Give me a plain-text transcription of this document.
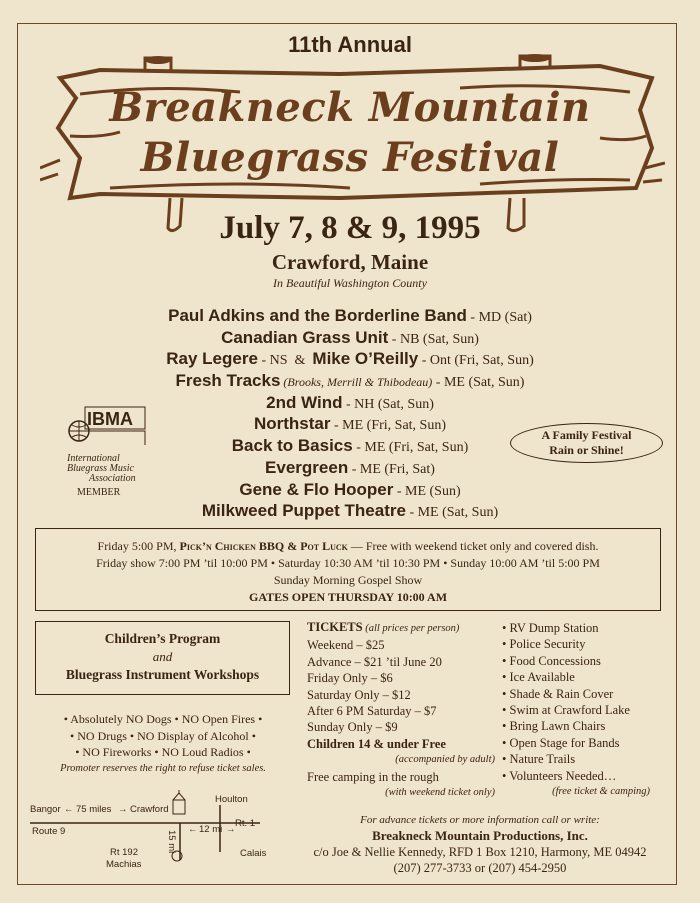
11th Annual
Breakneck Mountain
Bluegrass Festival
July 7, 8 & 9, 1995
Crawford, Maine
In Beautiful Washington County
Paul Adkins and the Borderline Band - MD (Sat)
Canadian Grass Unit - NB (Sat, Sun)
Ray Legere - NS  &  Mike O’Reilly - Ont (Fri, Sat, Sun)
Fresh Tracks (Brooks, Merrill & Thibodeau) - ME (Sat, Sun)
2nd Wind - NH (Sat, Sun)
Northstar - ME (Fri, Sat, Sun)
Back to Basics - ME (Fri, Sat, Sun)
Evergreen - ME (Fri, Sat)
Gene & Flo Hooper - ME (Sun)
Milkweed Puppet Theatre - ME (Sat, Sun)
IBMA
International
Bluegrass Music
Association
MEMBER
A Family Festival
Rain or Shine!
Friday 5:00 PM, Pick’n Chicken BBQ & Pot Luck — Free with weekend ticket only and covered dish.
Friday show 7:00 PM ’til 10:00 PM • Saturday 10:30 AM ’til 10:30 PM • Sunday 10:00 AM ’til 5:00 PM
Sunday Morning Gospel Show
GATES OPEN THURSDAY 10:00 AM
Children’s Program
and
Bluegrass Instrument Workshops
• Absolutely NO Dogs • NO Open Fires •
• NO Drugs • NO Display of Alcohol •
• NO Fireworks • NO Loud Radios •
Promoter reserves the right to refuse ticket sales.
TICKETS (all prices per person)
Weekend – $25
Advance – $21 ’til June 20
Friday Only – $6
Saturday Only – $12
After 6 PM Saturday – $7
Sunday Only – $9
Children 14 & under Free
(accompanied by adult)
Free camping in the rough
(with weekend ticket only)
• RV Dump Station
• Police Security
• Food Concessions
• Ice Available
• Shade & Rain Cover
• Swim at Crawford Lake
• Bring Lawn Chairs
• Open Stage for Bands
• Nature Trails
• Volunteers Needed…
(free ticket & camping)
For advance tickets or more information call or write:
Breakneck Mountain Productions, Inc.
c/o Joe & Nellie Kennedy, RFD 1 Box 1210, Harmony, ME 04942
(207) 277-3733 or (207) 454-2950
Bangor ← 75 miles → Crawford
Houlton
Route 9	← 12 mi →
Rt. 1
15 mi
Rt 192
Machias
Calais
